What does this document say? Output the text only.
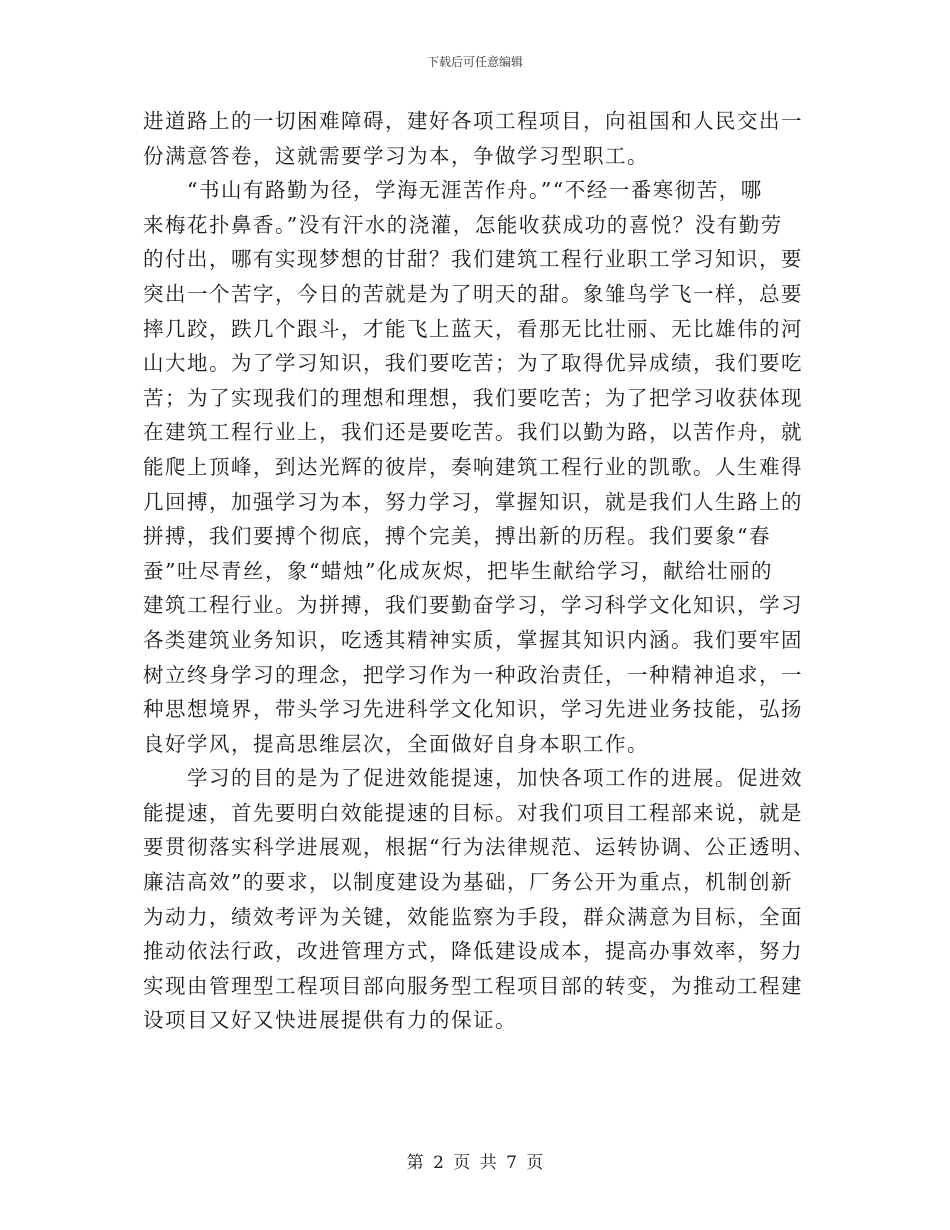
下载后可任意编辑
进道路上的一切困难障碍，建好各项工程项目，向祖国和人民交出一
份满意答卷，这就需要学习为本，争做学习型职工。
　　“书山有路勤为径，学海无涯苦作舟。”“不经一番寒彻苦，哪
来梅花扑鼻香。”没有汗水的浇灌，怎能收获成功的喜悦？没有勤劳
的付出，哪有实现梦想的甘甜？我们建筑工程行业职工学习知识，要
突出一个苦字，今日的苦就是为了明天的甜。象雏鸟学飞一样，总要
摔几跤，跌几个跟斗，才能飞上蓝天，看那无比壮丽、无比雄伟的河
山大地。为了学习知识，我们要吃苦；为了取得优异成绩，我们要吃
苦；为了实现我们的理想和理想，我们要吃苦；为了把学习收获体现
在建筑工程行业上，我们还是要吃苦。我们以勤为路，以苦作舟，就
能爬上顶峰，到达光辉的彼岸，奏响建筑工程行业的凯歌。人生难得
几回搏，加强学习为本，努力学习，掌握知识，就是我们人生路上的
拼搏，我们要搏个彻底，搏个完美，搏出新的历程。我们要象“春
蚕”吐尽青丝，象“蜡烛”化成灰烬，把毕生献给学习，献给壮丽的
建筑工程行业。为拼搏，我们要勤奋学习，学习科学文化知识，学习
各类建筑业务知识，吃透其精神实质，掌握其知识内涵。我们要牢固
树立终身学习的理念，把学习作为一种政治责任，一种精神追求，一
种思想境界，带头学习先进科学文化知识，学习先进业务技能，弘扬
良好学风，提高思维层次，全面做好自身本职工作。
　　学习的目的是为了促进效能提速，加快各项工作的进展。促进效
能提速，首先要明白效能提速的目标。对我们项目工程部来说，就是
要贯彻落实科学进展观，根据“行为法律规范、运转协调、公正透明、
廉洁高效”的要求，以制度建设为基础，厂务公开为重点，机制创新
为动力，绩效考评为关键，效能监察为手段，群众满意为目标，全面
推动依法行政，改进管理方式，降低建设成本，提高办事效率，努力
实现由管理型工程项目部向服务型工程项目部的转变，为推动工程建
设项目又好又快进展提供有力的保证。
第 2 页 共 7 页
